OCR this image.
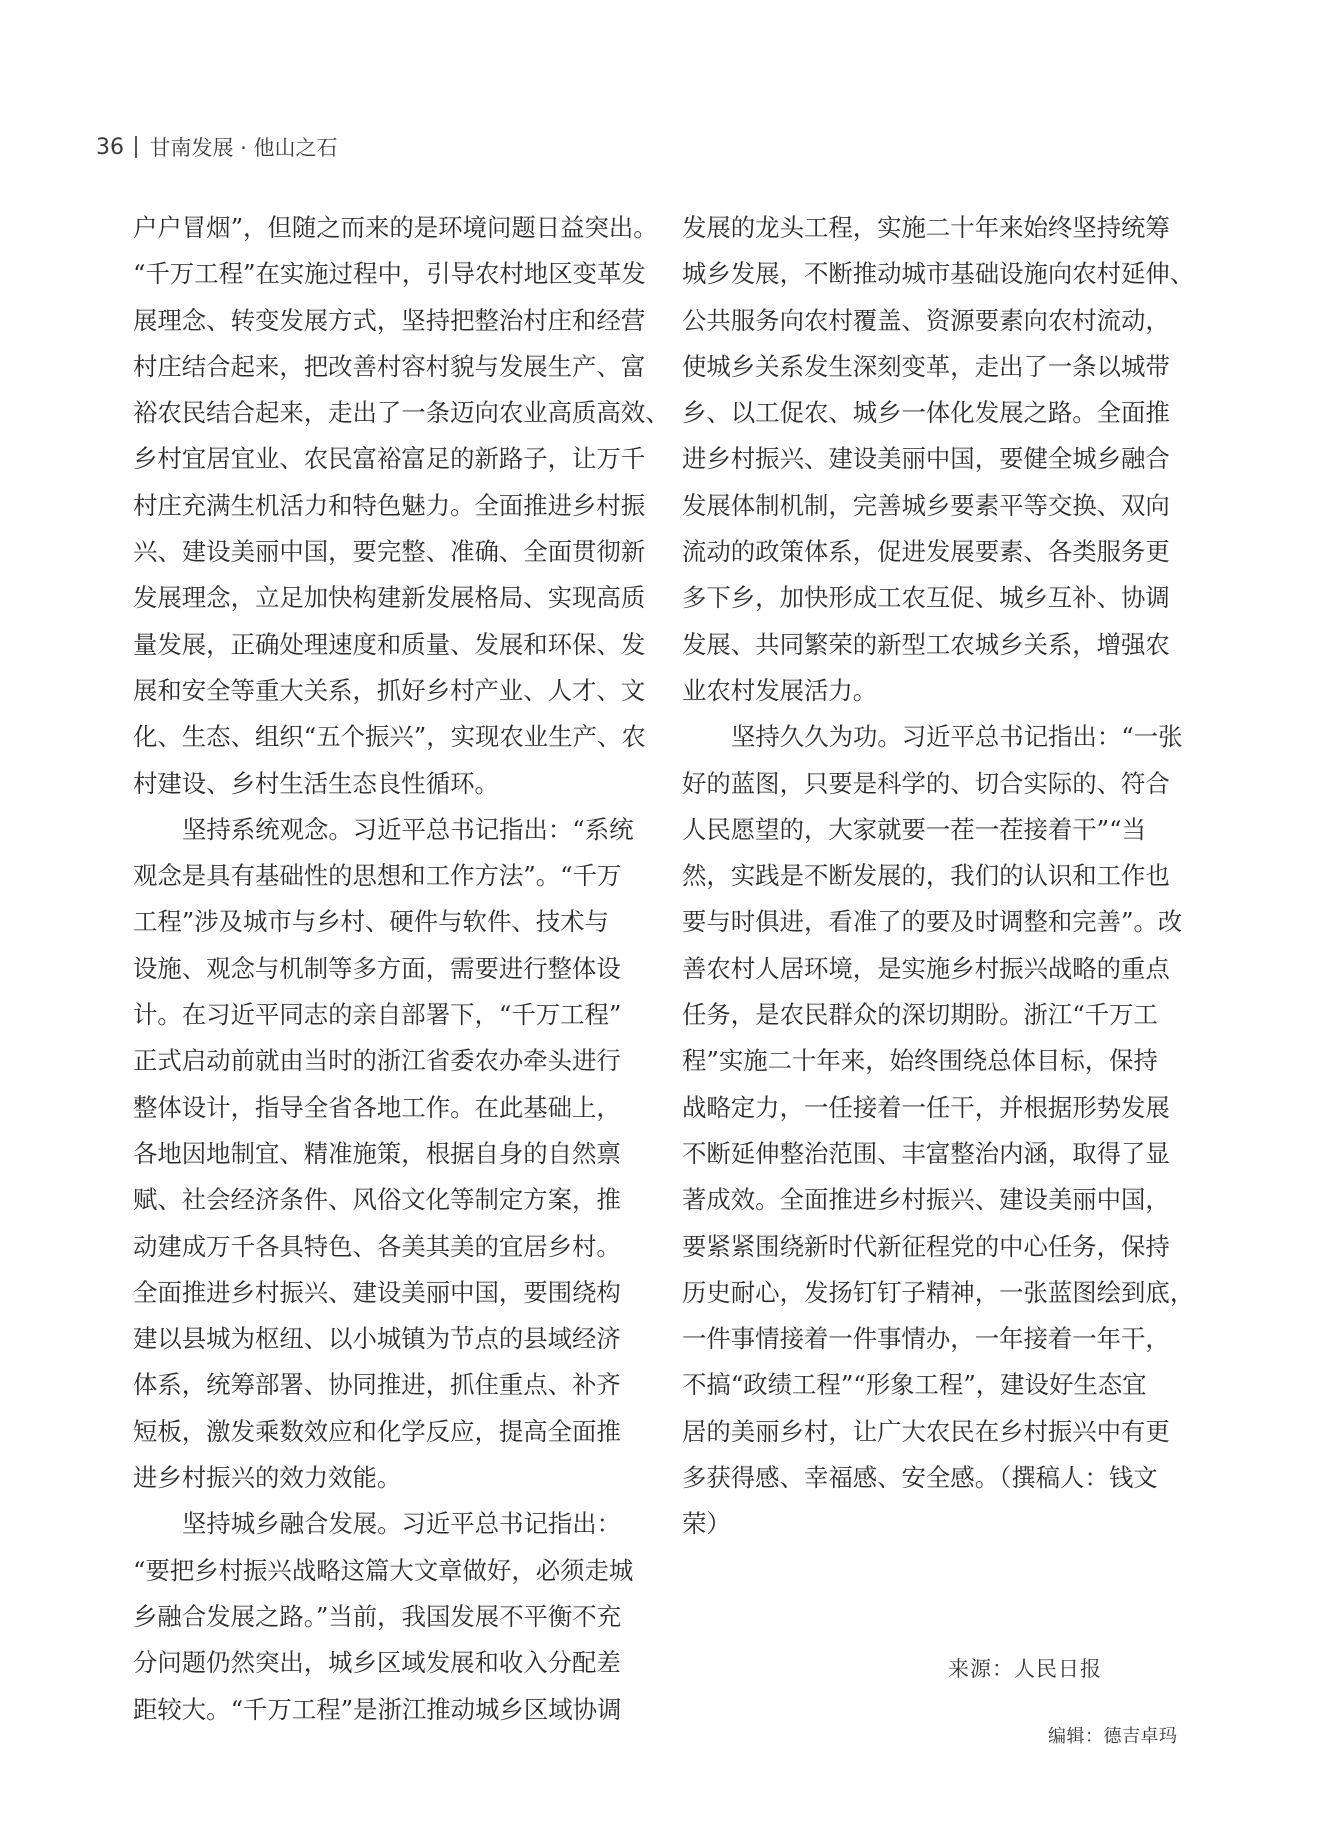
36 甘南发展 · 他山之石
户户冒烟”，但随之而来的是环境问题日益突出。
“千万工程”在实施过程中，引导农村地区变革发
展理念、转变发展方式，坚持把整治村庄和经营
村庄结合起来，把改善村容村貌与发展生产、富
裕农民结合起来，走出了一条迈向农业高质高效、
乡村宜居宜业、农民富裕富足的新路子，让万千
村庄充满生机活力和特色魅力。全面推进乡村振
兴、建设美丽中国，要完整、准确、全面贯彻新
发展理念，立足加快构建新发展格局、实现高质
量发展，正确处理速度和质量、发展和环保、发
展和安全等重大关系，抓好乡村产业、人才、文
化、生态、组织“五个振兴”，实现农业生产、农
村建设、乡村生活生态良性循环。
坚持系统观念。习近平总书记指出：“系统
观念是具有基础性的思想和工作方法”。“千万
工程”涉及城市与乡村、硬件与软件、技术与
设施、观念与机制等多方面，需要进行整体设
计。在习近平同志的亲自部署下，“千万工程”
正式启动前就由当时的浙江省委农办牵头进行
整体设计，指导全省各地工作。在此基础上，
各地因地制宜、精准施策，根据自身的自然禀
赋、社会经济条件、风俗文化等制定方案，推
动建成万千各具特色、各美其美的宜居乡村。
全面推进乡村振兴、建设美丽中国，要围绕构
建以县城为枢纽、以小城镇为节点的县域经济
体系，统筹部署、协同推进，抓住重点、补齐
短板，激发乘数效应和化学反应，提高全面推
进乡村振兴的效力效能。
坚持城乡融合发展。习近平总书记指出：
“要把乡村振兴战略这篇大文章做好，必须走城
乡融合发展之路。”当前，我国发展不平衡不充
分问题仍然突出，城乡区域发展和收入分配差
距较大。“千万工程”是浙江推动城乡区域协调
发展的龙头工程，实施二十年来始终坚持统筹
城乡发展，不断推动城市基础设施向农村延伸、
公共服务向农村覆盖、资源要素向农村流动，
使城乡关系发生深刻变革，走出了一条以城带
乡、以工促农、城乡一体化发展之路。全面推
进乡村振兴、建设美丽中国，要健全城乡融合
发展体制机制，完善城乡要素平等交换、双向
流动的政策体系，促进发展要素、各类服务更
多下乡，加快形成工农互促、城乡互补、协调
发展、共同繁荣的新型工农城乡关系，增强农
业农村发展活力。
坚持久久为功。习近平总书记指出：“一张
好的蓝图，只要是科学的、切合实际的、符合
人民愿望的，大家就要一茬一茬接着干”“当
然，实践是不断发展的，我们的认识和工作也
要与时俱进，看准了的要及时调整和完善”。改
善农村人居环境，是实施乡村振兴战略的重点
任务，是农民群众的深切期盼。浙江“千万工
程”实施二十年来，始终围绕总体目标，保持
战略定力，一任接着一任干，并根据形势发展
不断延伸整治范围、丰富整治内涵，取得了显
著成效。全面推进乡村振兴、建设美丽中国，
要紧紧围绕新时代新征程党的中心任务，保持
历史耐心，发扬钉钉子精神，一张蓝图绘到底，
一件事情接着一件事情办，一年接着一年干，
不搞“政绩工程”“形象工程”，建设好生态宜
居的美丽乡村，让广大农民在乡村振兴中有更
多获得感、幸福感、安全感。（撰稿人：钱文
荣）
来源：人民日报
编辑：德吉卓玛
